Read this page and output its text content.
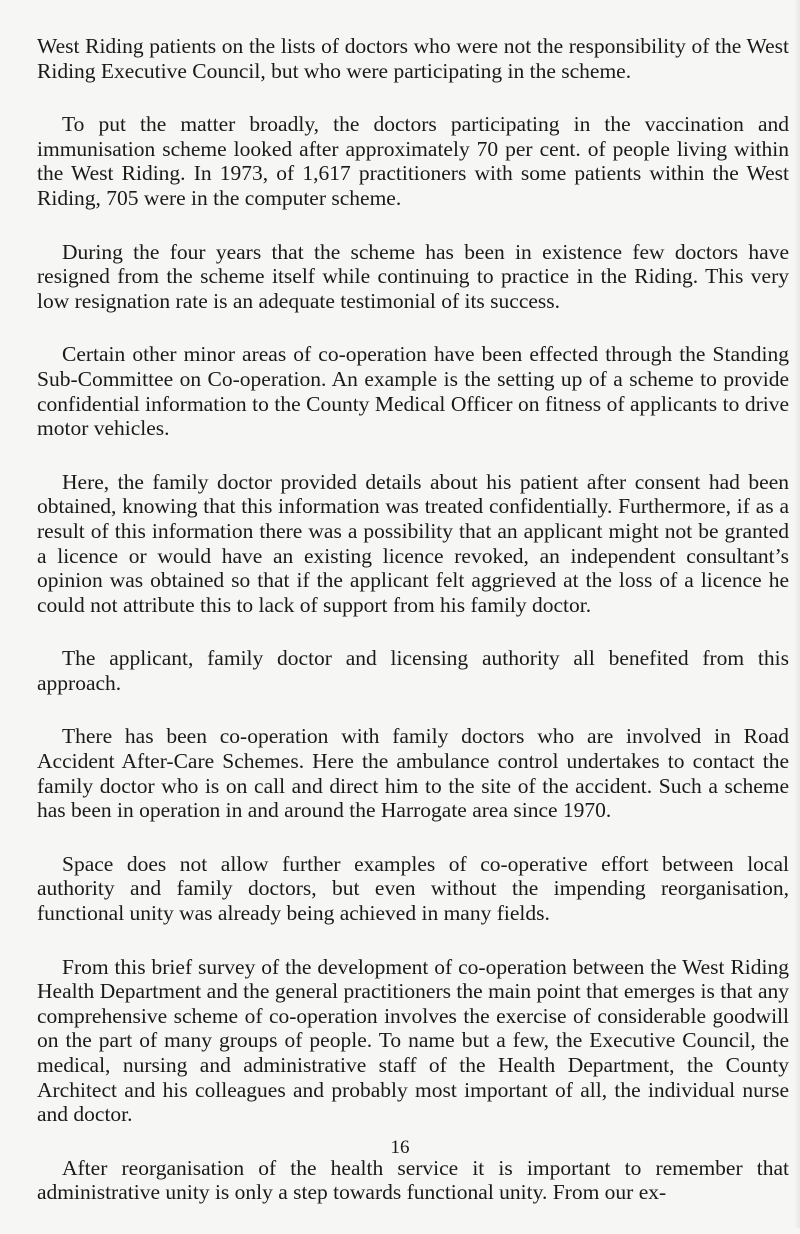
West Riding patients on the lists of doctors who were not the responsibility of the West Riding Executive Council, but who were participating in the scheme.

To put the matter broadly, the doctors participating in the vaccination and immunisation scheme looked after approximately 70 per cent. of people living within the West Riding. In 1973, of 1,617 practitioners with some patients within the West Riding, 705 were in the computer scheme.

During the four years that the scheme has been in existence few doctors have resigned from the scheme itself while continuing to practice in the Riding. This very low resignation rate is an adequate testimonial of its success.

Certain other minor areas of co-operation have been effected through the Standing Sub-Committee on Co-operation. An example is the setting up of a scheme to provide confidential information to the County Medical Officer on fitness of applicants to drive motor vehicles.

Here, the family doctor provided details about his patient after consent had been obtained, knowing that this information was treated confidentially. Furthermore, if as a result of this information there was a possibility that an applicant might not be granted a licence or would have an existing licence revoked, an independent consultant’s opinion was obtained so that if the applicant felt aggrieved at the loss of a licence he could not attribute this to lack of support from his family doctor.

The applicant, family doctor and licensing authority all benefited from this approach.

There has been co-operation with family doctors who are involved in Road Accident After-Care Schemes. Here the ambulance control undertakes to contact the family doctor who is on call and direct him to the site of the accident. Such a scheme has been in operation in and around the Harrogate area since 1970.

Space does not allow further examples of co-operative effort between local authority and family doctors, but even without the impending reorganisation, functional unity was already being achieved in many fields.

From this brief survey of the development of co-operation between the West Riding Health Department and the general practitioners the main point that emerges is that any comprehensive scheme of co-operation involves the exercise of considerable goodwill on the part of many groups of people. To name but a few, the Executive Council, the medical, nursing and administrative staff of the Health Department, the County Architect and his colleagues and probably most important of all, the individual nurse and doctor.

After reorganisation of the health service it is important to remember that administrative unity is only a step towards functional unity. From our ex-

16
